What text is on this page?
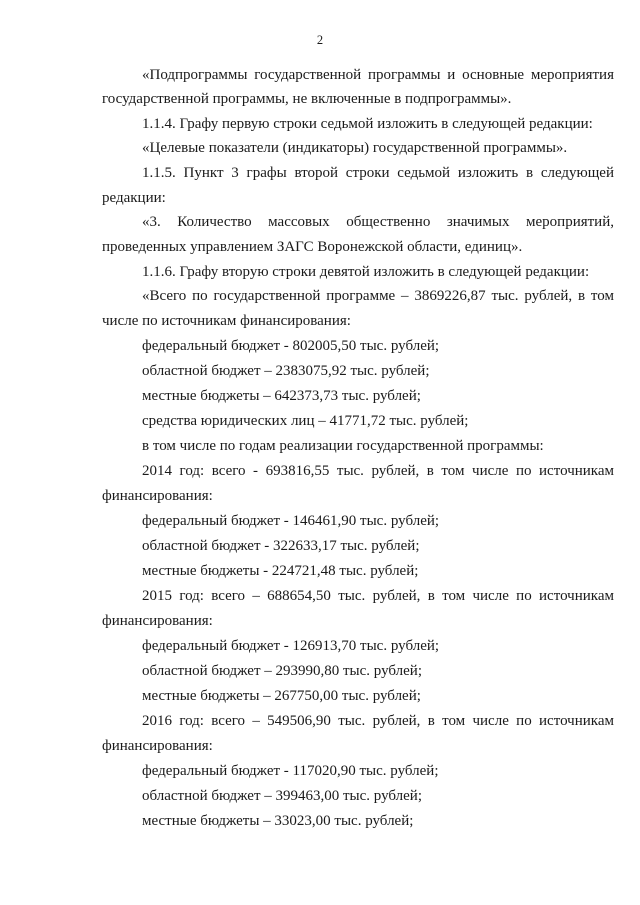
2
«Подпрограммы государственной программы и основные мероприятия
государственной программы, не включенные в подпрограммы».
1.1.4. Графу первую строки седьмой изложить в следующей редакции:
«Целевые показатели (индикаторы) государственной программы».
1.1.5. Пункт 3 графы второй строки седьмой изложить в следующей
редакции:
«3. Количество массовых общественно значимых мероприятий,
проведенных управлением ЗАГС Воронежской области, единиц».
1.1.6. Графу вторую строки девятой изложить в следующей редакции:
«Всего по государственной программе – 3869226,87 тыс. рублей, в том
числе по источникам финансирования:
федеральный бюджет - 802005,50 тыс. рублей;
областной бюджет – 2383075,92 тыс. рублей;
местные бюджеты – 642373,73 тыс. рублей;
средства юридических лиц – 41771,72 тыс. рублей;
в том числе по годам реализации государственной программы:
2014 год: всего - 693816,55 тыс. рублей, в том числе по источникам
финансирования:
федеральный бюджет - 146461,90 тыс. рублей;
областной бюджет - 322633,17 тыс. рублей;
местные бюджеты - 224721,48 тыс. рублей;
2015 год: всего – 688654,50 тыс. рублей, в том числе по источникам
финансирования:
федеральный бюджет - 126913,70 тыс. рублей;
областной бюджет – 293990,80 тыс. рублей;
местные бюджеты – 267750,00 тыс. рублей;
2016 год: всего – 549506,90 тыс. рублей, в том числе по источникам
финансирования:
федеральный бюджет - 117020,90 тыс. рублей;
областной бюджет – 399463,00 тыс. рублей;
местные бюджеты – 33023,00 тыс. рублей;
